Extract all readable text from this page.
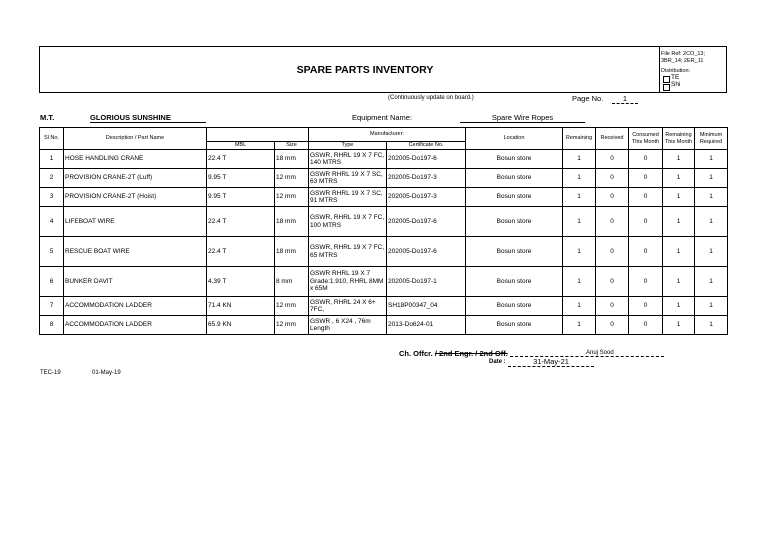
SPARE PARTS INVENTORY
File Ref: 2CO_13; 3BR_14; 2ER_11
Distribution:
TE
Shi
(Continuously update on board.)	Page No.	1
M.T.	GLORIOUS SUNSHINE	Equipment Name:	Spare Wire Ropes
Sl No.	Description / Part Name			Manufacturer:		Location	Remaining	Received	Consumed This Month	Remaining This Month	Minimum Required
		MBL	Size	Type	Certificate No.						
1	HOSE HANDLING CRANE	22.4 T	18 mm	GSWR, RHRL 19 X 7 FC, 140 MTRS	202005-Do197-6	Bosun store	1	0	0	1	1
2	PROVISION CRANE-2T (Luff)	9.95 T	12 mm	GSWR RHRL 19 X 7 SC, 63 MTRS	202005-Do197-3	Bosun store	1	0	0	1	1
3	PROVISION CRANE-2T (Hoist)	9.95 T	12 mm	GSWR RHRL 19 X 7 SC, 91 MTRS	202005-Do197-3	Bosun store	1	0	0	1	1
4	LIFEBOAT WIRE	22.4 T	18 mm	GSWR, RHRL 19 X 7 FC, 100 MTRS	202005-Do197-6	Bosun store	1	0	0	1	1
5	RESCUE BOAT WIRE	22.4 T	18 mm	GSWR, RHRL 19 X 7 FC, 65 MTRS	202005-Do197-6	Bosun store	1	0	0	1	1
6	BUNKER DAVIT	4.39 T	8 mm	GSWR RHRL 19 X 7 Grade:1.910, RHRL 8MM x 65M	202005-Do197-1	Bosun store	1	0	0	1	1
7	ACCOMMODATION LADDER	71.4 KN	12 mm	GSWR, RHRL 24 X 6+ 7FC,	SH18P00347_04	Bosun store	1	0	0	1	1
8	ACCOMMODATION LADDER	65.9 KN	12 mm	GSWR , 6 X24 , 76m Length	2013-Do624-01	Bosun store	1	0	0	1	1
Ch. Offcr. / 2nd Engr. / 2nd Off.	Anuj Sood
Date :	31-May-21
TEC-19	01-May-19
